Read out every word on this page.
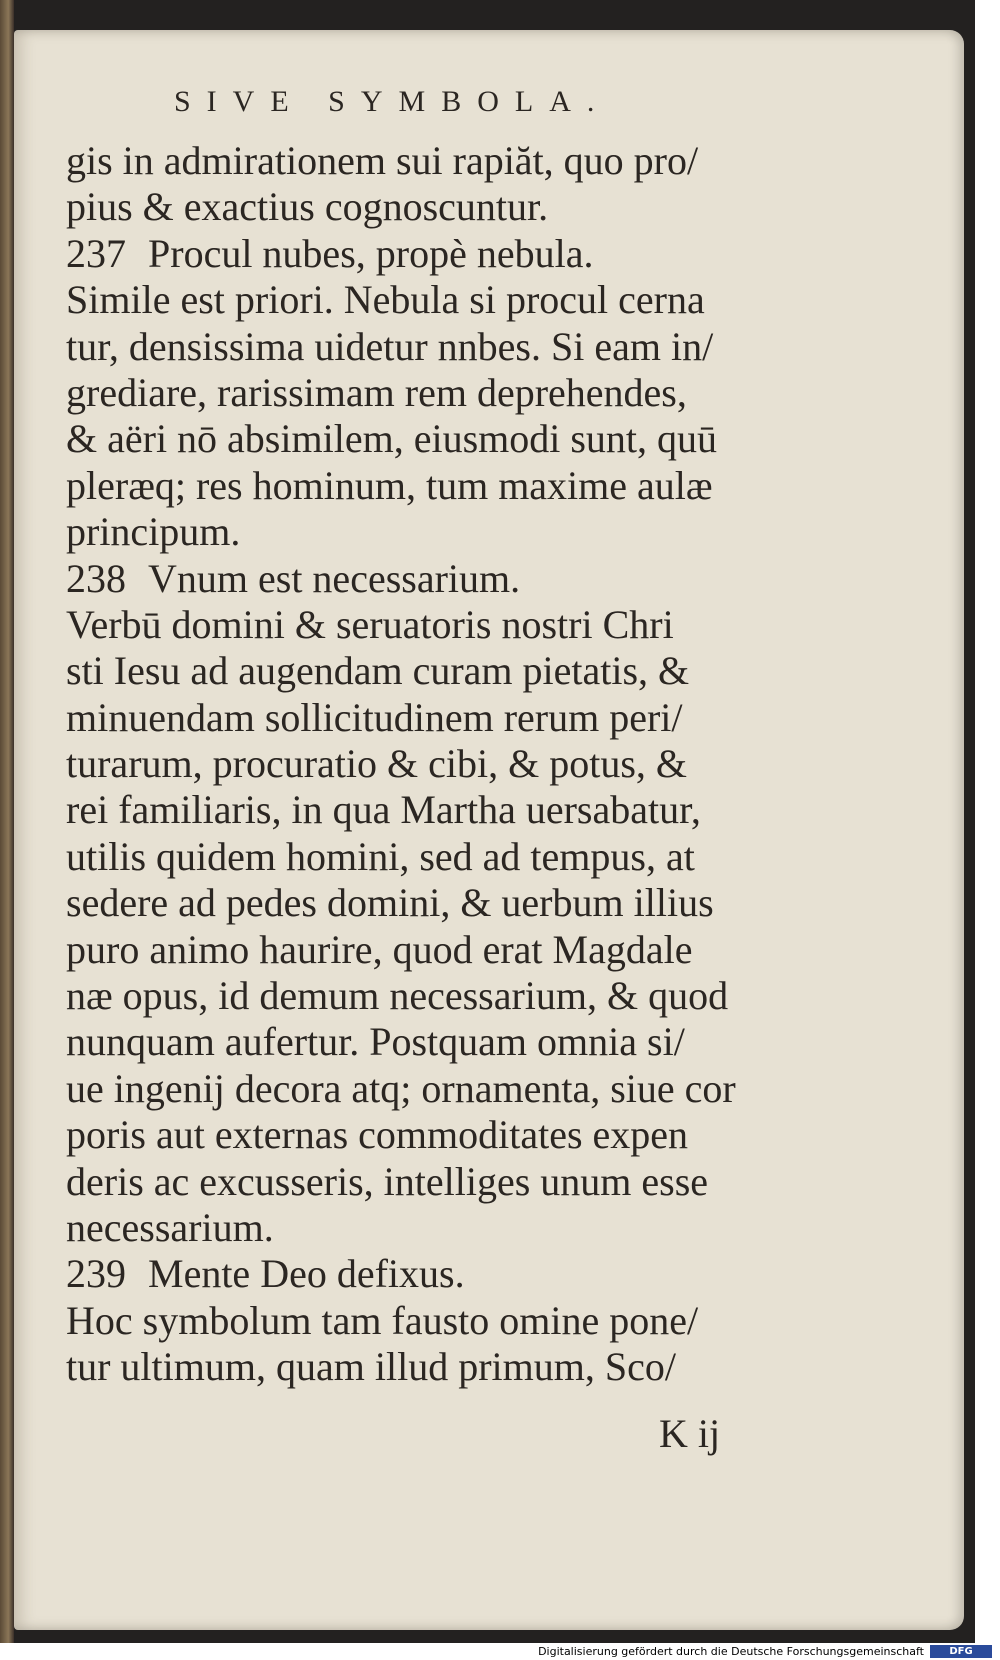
SIVE SYMBOLA.
gis in admirationem sui rapiăt, quo pro/
pius & exactius cognoscuntur.
237 Procul nubes, propè nebula.
Simile est priori. Nebula si procul cerna
tur, densissima uidetur nnbes. Si eam in/
grediare, rarissimam rem deprehendes,
& aëri nō absimilem, eiusmodi sunt, quū
pleræq; res hominum, tum maxime aulæ
principum.
238 Vnum est necessarium.
Verbū domini & seruatoris nostri Chri
sti Iesu ad augendam curam pietatis, &
minuendam sollicitudinem rerum peri/
turarum, procuratio & cibi, & potus, &
rei familiaris, in qua Martha uersabatur,
utilis quidem homini, sed ad tempus, at
sedere ad pedes domini, & uerbum illius
puro animo haurire, quod erat Magdale
næ opus, id demum necessarium, & quod
nunquam aufertur. Postquam omnia si/
ue ingenij decora atq; ornamenta, siue cor
poris aut externas commoditates expen
deris ac excusseris, intelliges unum esse
necessarium.
239 Mente Deo defixus.
Hoc symbolum tam fausto omine pone/
tur ultimum, quam illud primum, Sco/
K ij
Digitalisierung gefördert durch die Deutsche Forschungsgemeinschaft	DFG
